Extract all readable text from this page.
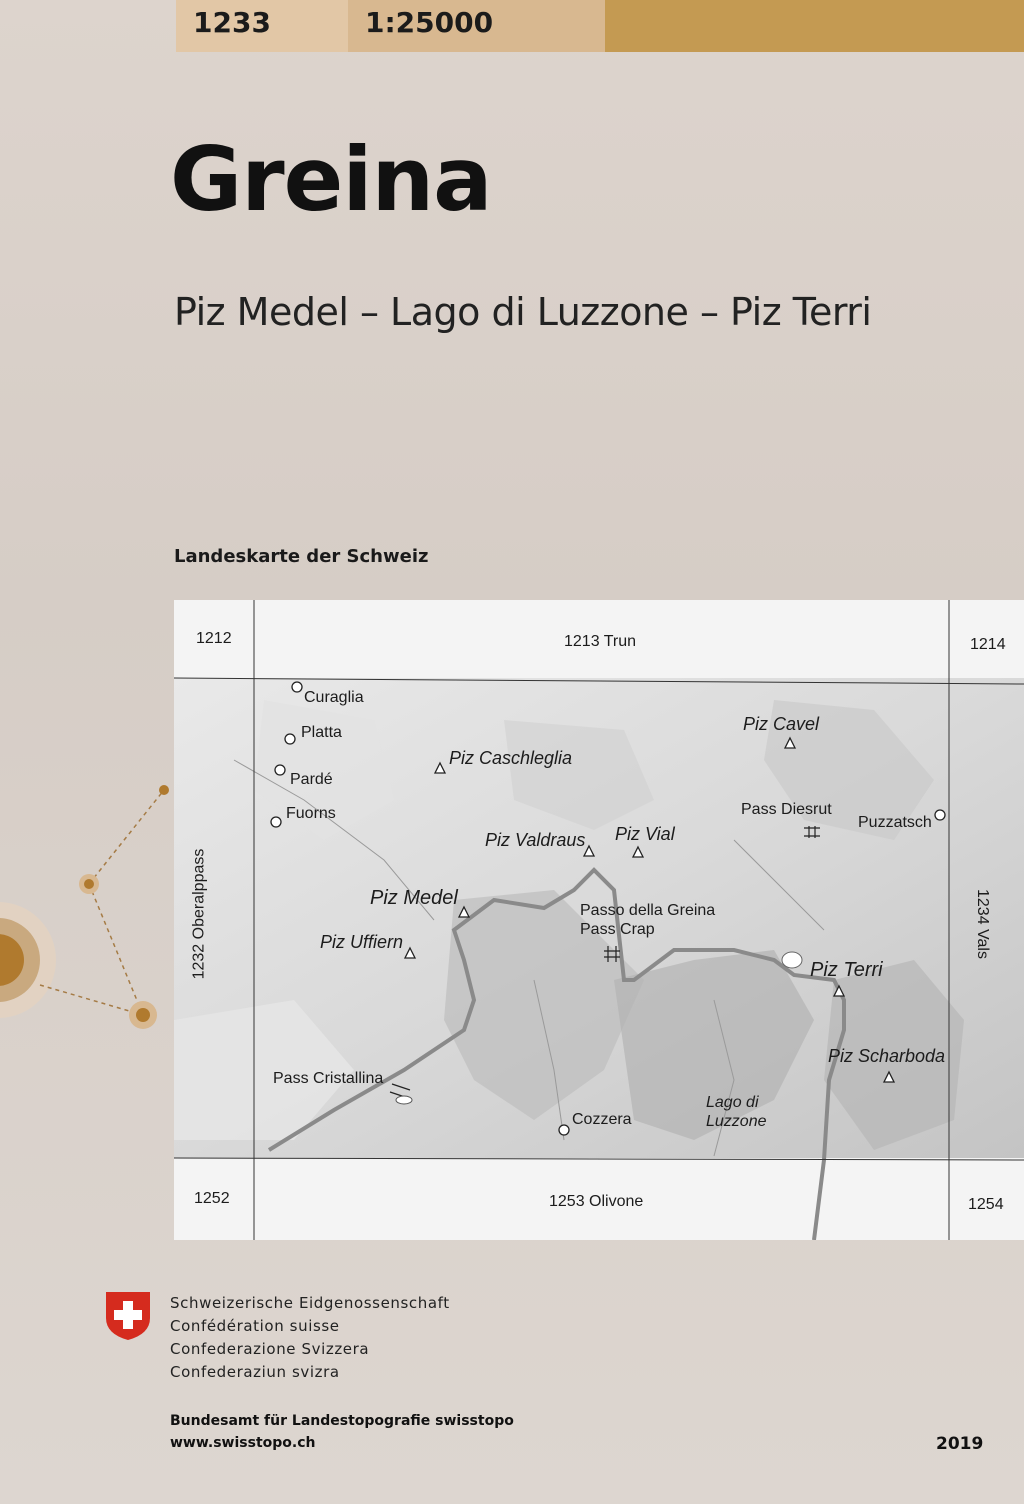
1233	1:25000
Greina
Piz Medel – Lago di Luzzone – Piz Terri
Landeskarte der Schweiz
1212	1213 Trun	1214
1232 Oberalppass	1234 Vals
1252	1253 Olivone	1254
Curaglia
Platta
Pardé
Fuorns
Puzzatsch
Cozzera
Piz Caschleglia
Piz Valdraus Piz Vial
Piz Medel
Piz Uffiern
Piz Cavel
Piz Terri
Piz Scharboda
Pass Diesrut
Passo della Greina
Pass Crap
Pass Cristallina
Lago di
Luzzone
Schweizerische Eidgenossenschaft
Confédération suisse
Confederazione Svizzera
Confederaziun svizra
Bundesamt für Landestopografie swisstopo
www.swisstopo.ch	2019
